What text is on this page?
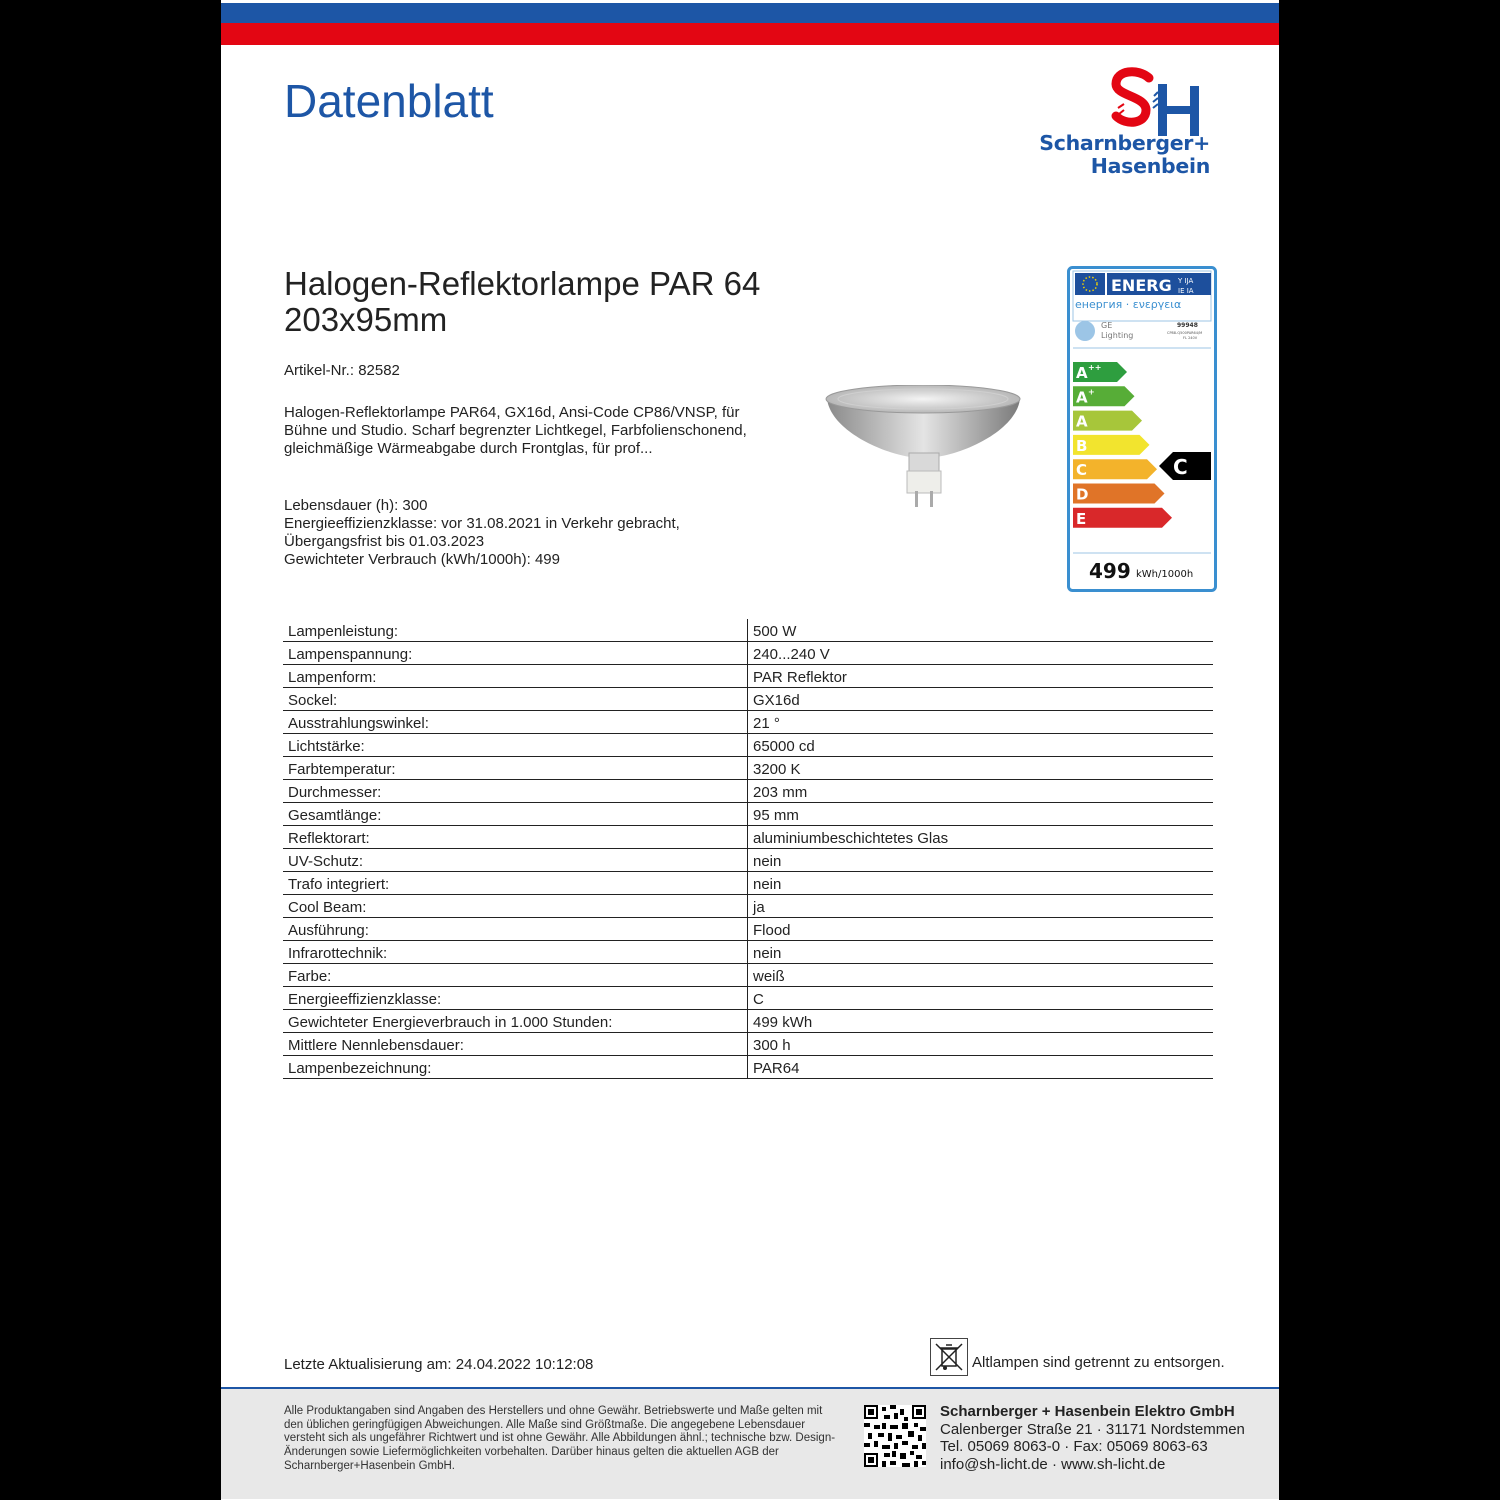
Datenblatt
Scharnberger+
Hasenbein
Halogen-Reflektorlampe PAR 64 203x95mm
Artikel-Nr.: 82582
Halogen-Reflektorlampe PAR64, GX16d, Ansi-Code CP86/VNSP, für Bühne und Studio. Scharf begrenzter Lichtkegel, Farbfolienschonend, gleichmäßige Wärmeabgabe durch Frontglas, für prof...
Lebensdauer (h): 300
Energieeffizienzklasse: vor 31.08.2021 in Verkehr gebracht,
Übergangsfrist bis 01.03.2023
Gewichteter Verbrauch (kWh/1000h): 499
ENERG Y IJA
IE IA
енергия · ενεργεια
GE
Lighting
99948
CP88-Q500PAR64/M
FL 240V
A ++
A +
A
B
C
D
E
C
499 kWh/1000h
Lampenleistung:	500 W
Lampenspannung:	240...240 V
Lampenform:	PAR Reflektor
Sockel:	GX16d
Ausstrahlungswinkel:	21 °
Lichtstärke:	65000 cd
Farbtemperatur:	3200 K
Durchmesser:	203 mm
Gesamtlänge:	95 mm
Reflektorart:	aluminiumbeschichtetes Glas
UV-Schutz:	nein
Trafo integriert:	nein
Cool Beam:	ja
Ausführung:	Flood
Infrarottechnik:	nein
Farbe:	weiß
Energieeffizienzklasse:	C
Gewichteter Energieverbrauch in 1.000 Stunden:	499 kWh
Mittlere Nennlebensdauer:	300 h
Lampenbezeichnung:	PAR64
Letzte Aktualisierung am: 24.04.2022 10:12:08	Altlampen sind getrennt zu entsorgen.
Alle Produktangaben sind Angaben des Herstellers und ohne Gewähr. Betriebswerte und Maße gelten mit den üblichen geringfügigen Abweichungen. Alle Maße sind Größtmaße. Die angegebene Lebensdauer versteht sich als ungefährer Richtwert und ist ohne Gewähr. Alle Abbildungen ähnl.; technische bzw. Design-Änderungen sowie Liefermöglichkeiten vorbehalten. Darüber hinaus gelten die aktuellen AGB der Scharnberger+Hasenbein GmbH.
Scharnberger + Hasenbein Elektro GmbH
Calenberger Straße 21 · 31171 Nordstemmen
Tel. 05069 8063-0 · Fax: 05069 8063-63
info@sh-licht.de · www.sh-licht.de
